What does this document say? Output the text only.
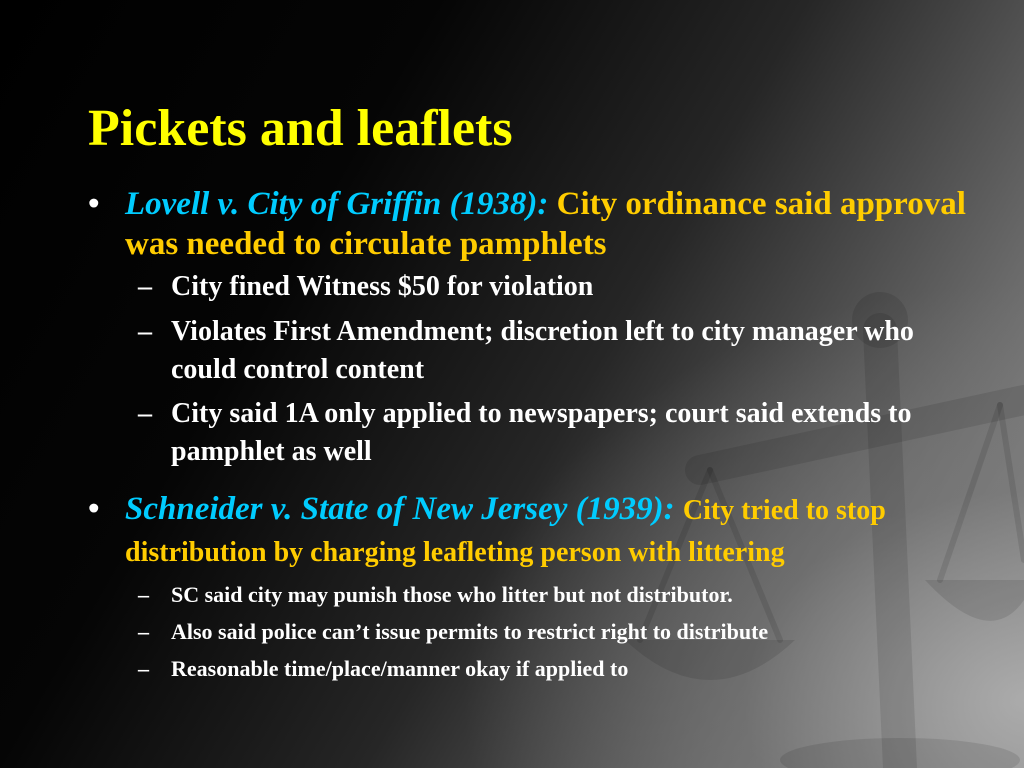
Pickets and leaflets
• Lovell v. City of Griffin (1938): City ordinance said approval was needed to circulate pamphlets
– City fined Witness $50 for violation
– Violates First Amendment; discretion left to city manager who could control content
– City said 1A only applied to newspapers; court said extends to pamphlet as well
• Schneider v. State of New Jersey (1939): City tried to stop distribution by charging leafleting person with littering
– SC said city may punish those who litter but not distributor.
– Also said police can’t issue permits to restrict right to distribute
– Reasonable time/place/manner okay if applied to
